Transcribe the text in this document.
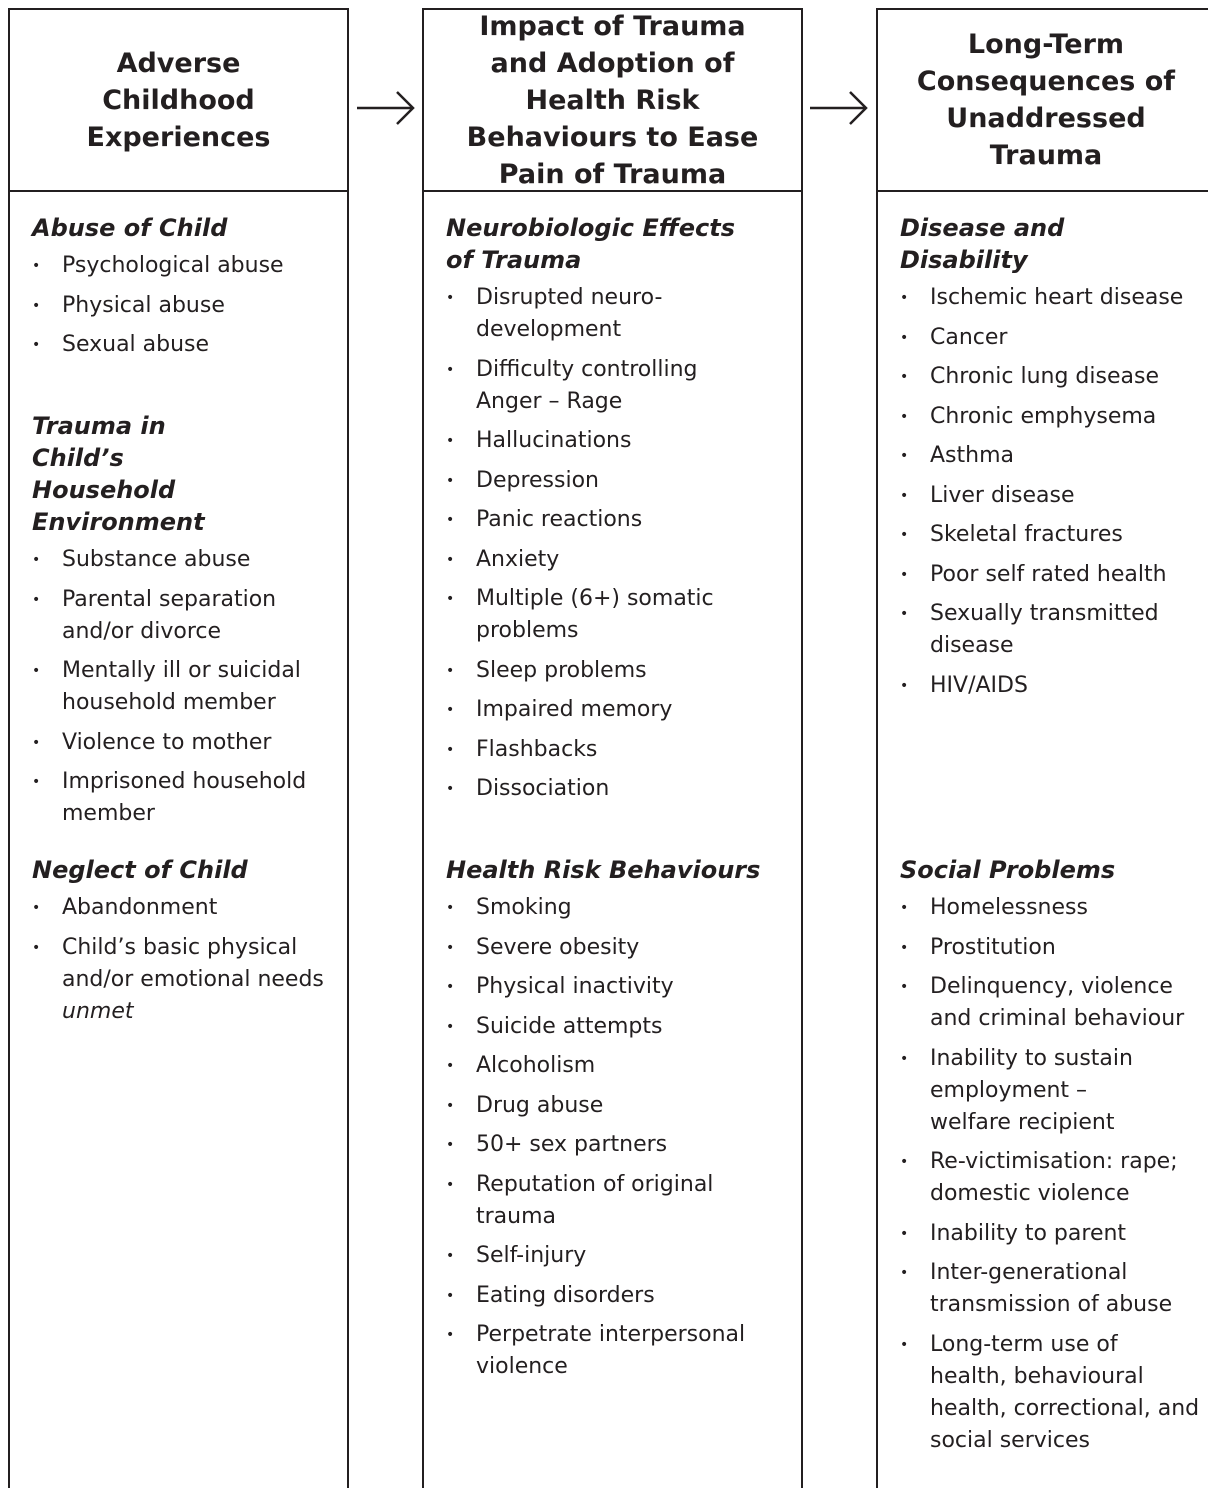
Adverse Childhood Experiences
Abuse of Child
• Psychological abuse
• Physical abuse
• Sexual abuse
Trauma in Child’s Household Environment
• Substance abuse
• Parental separation and/or divorce
• Mentally ill or suicidal household member
• Violence to mother
• Imprisoned household member
Neglect of Child
• Abandonment
• Child’s basic physical and/or emotional needs unmet
Impact of Trauma and Adoption of Health Risk Behaviours to Ease Pain of Trauma
Neurobiologic Effects of Trauma
• Disrupted neuro-development
• Difficulty controlling Anger – Rage
• Hallucinations
• Depression
• Panic reactions
• Anxiety
• Multiple (6+) somatic problems
• Sleep problems
• Impaired memory
• Flashbacks
• Dissociation
Health Risk Behaviours
• Smoking
• Severe obesity
• Physical inactivity
• Suicide attempts
• Alcoholism
• Drug abuse
• 50+ sex partners
• Reputation of original trauma
• Self-injury
• Eating disorders
• Perpetrate interpersonal violence
Long-Term Consequences of Unaddressed Trauma
Disease and Disability
• Ischemic heart disease
• Cancer
• Chronic lung disease
• Chronic emphysema
• Asthma
• Liver disease
• Skeletal fractures
• Poor self rated health
• Sexually transmitted disease
• HIV/AIDS
Social Problems
• Homelessness
• Prostitution
• Delinquency, violence and criminal behaviour
• Inability to sustain employment – welfare recipient
• Re-victimisation: rape; domestic violence
• Inability to parent
• Inter-generational transmission of abuse
• Long-term use of health, behavioural health, correctional, and social services
